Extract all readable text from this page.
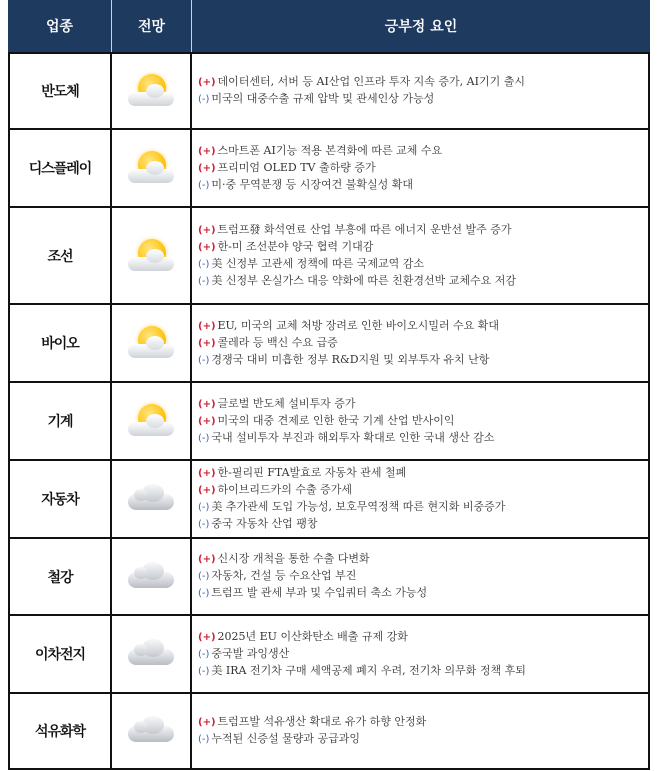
업종	전망	긍부정 요인
반도체
(+) 데이터센터, 서버 등 AI산업 인프라 투자 지속 증가, AI기기 출시
(-) 미국의 대중수출 규제 압박 및 관세인상 가능성
디스플레이
(+) 스마트폰 AI기능 적용 본격화에 따른 교체 수요
(+) 프리미엄 OLED TV 출하량 증가
(-) 미·중 무역분쟁 등 시장여건 불확실성 확대
조선
(+) 트럼프發 화석연료 산업 부흥에 따른 에너지 운반선 발주 증가
(+) 한-미 조선분야 양국 협력 기대감
(-) 美 신정부 고관세 정책에 따른 국제교역 감소
(-) 美 신정부 온실가스 대응 약화에 따른 친환경선박 교체수요 저감
바이오
(+) EU, 미국의 교체 처방 장려로 인한 바이오시밀러 수요 확대
(+) 콜레라 등 백신 수요 급증
(-) 경쟁국 대비 미흡한 정부 R&D지원 및 외부투자 유치 난항
기계
(+) 글로벌 반도체 설비투자 증가
(+) 미국의 대중 견제로 인한 한국 기계 산업 반사이익
(-) 국내 설비투자 부진과 해외투자 확대로 인한 국내 생산 감소
자동차
(+) 한-필리핀 FTA발효로 자동차 관세 철폐
(+) 하이브리드카의 수출 증가세
(-) 美 추가관세 도입 가능성, 보호무역정책 따른 현지화 비중증가
(-) 중국 자동차 산업 팽창
철강
(+) 신시장 개척을 통한 수출 다변화
(-) 자동차, 건설 등 수요산업 부진
(-) 트럼프 발 관세 부과 및 수입쿼터 축소 가능성
이차전지
(+) 2025년 EU 이산화탄소 배출 규제 강화
(-) 중국발 과잉생산
(-) 美 IRA 전기차 구매 세액공제 폐지 우려, 전기차 의무화 정책 후퇴
석유화학
(+) 트럼프발 석유생산 확대로 유가 하향 안정화
(-) 누적된 신증설 물량과 공급과잉
